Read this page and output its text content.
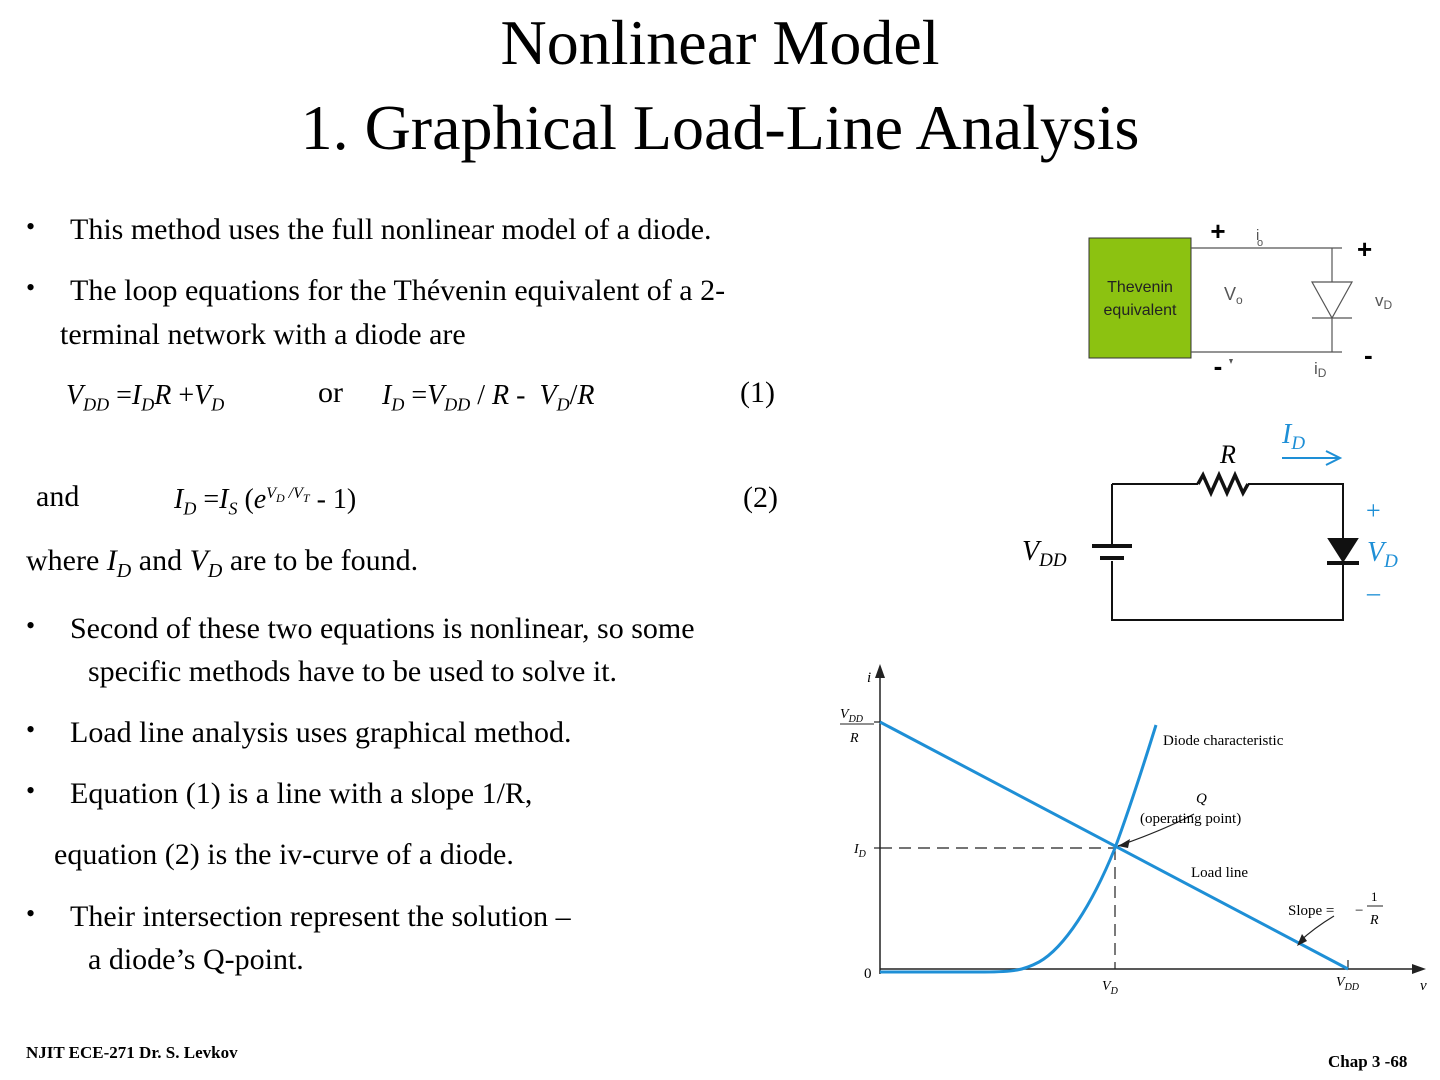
Nonlinear Model
1. Graphical Load-Line Analysis
• This method uses the full nonlinear model of a diode.
• The loop equations for the Thévenin equivalent of a 2-
terminal network with a diode are
$V_{DD} =I_DR +V_D$	or $I_D =V_{DD} / R - V_D/R$	(1)
and	$I_D =I_S$ $(e^{V_D /V_T} - 1)$	(2)
where $I_D$ and $V_D$ are to be found.
• Second of these two equations is nonlinear, so some
specific methods have to be used to solve it.
• Load line analysis uses graphical method.
• Equation (1) is a line with a slope 1/R,
equation (2) is the iv-curve of a diode.
• Their intersection represent the solution –
a diode’s Q-point.
Thevenin
equivalent
+
-
+
-
io
$V_o$	vD
iD
R
$V_{DD}$
$I_D$
+
$V_D$
–
i
v
0
$V_{DD}$
R
$I_D$
$V_D$
$V_{DD}$
Diode characteristic
Q
(operating point)
Load line
Slope = −
1
R
NJIT ECE-271 Dr. S. Levkov	Chap 3 -68
